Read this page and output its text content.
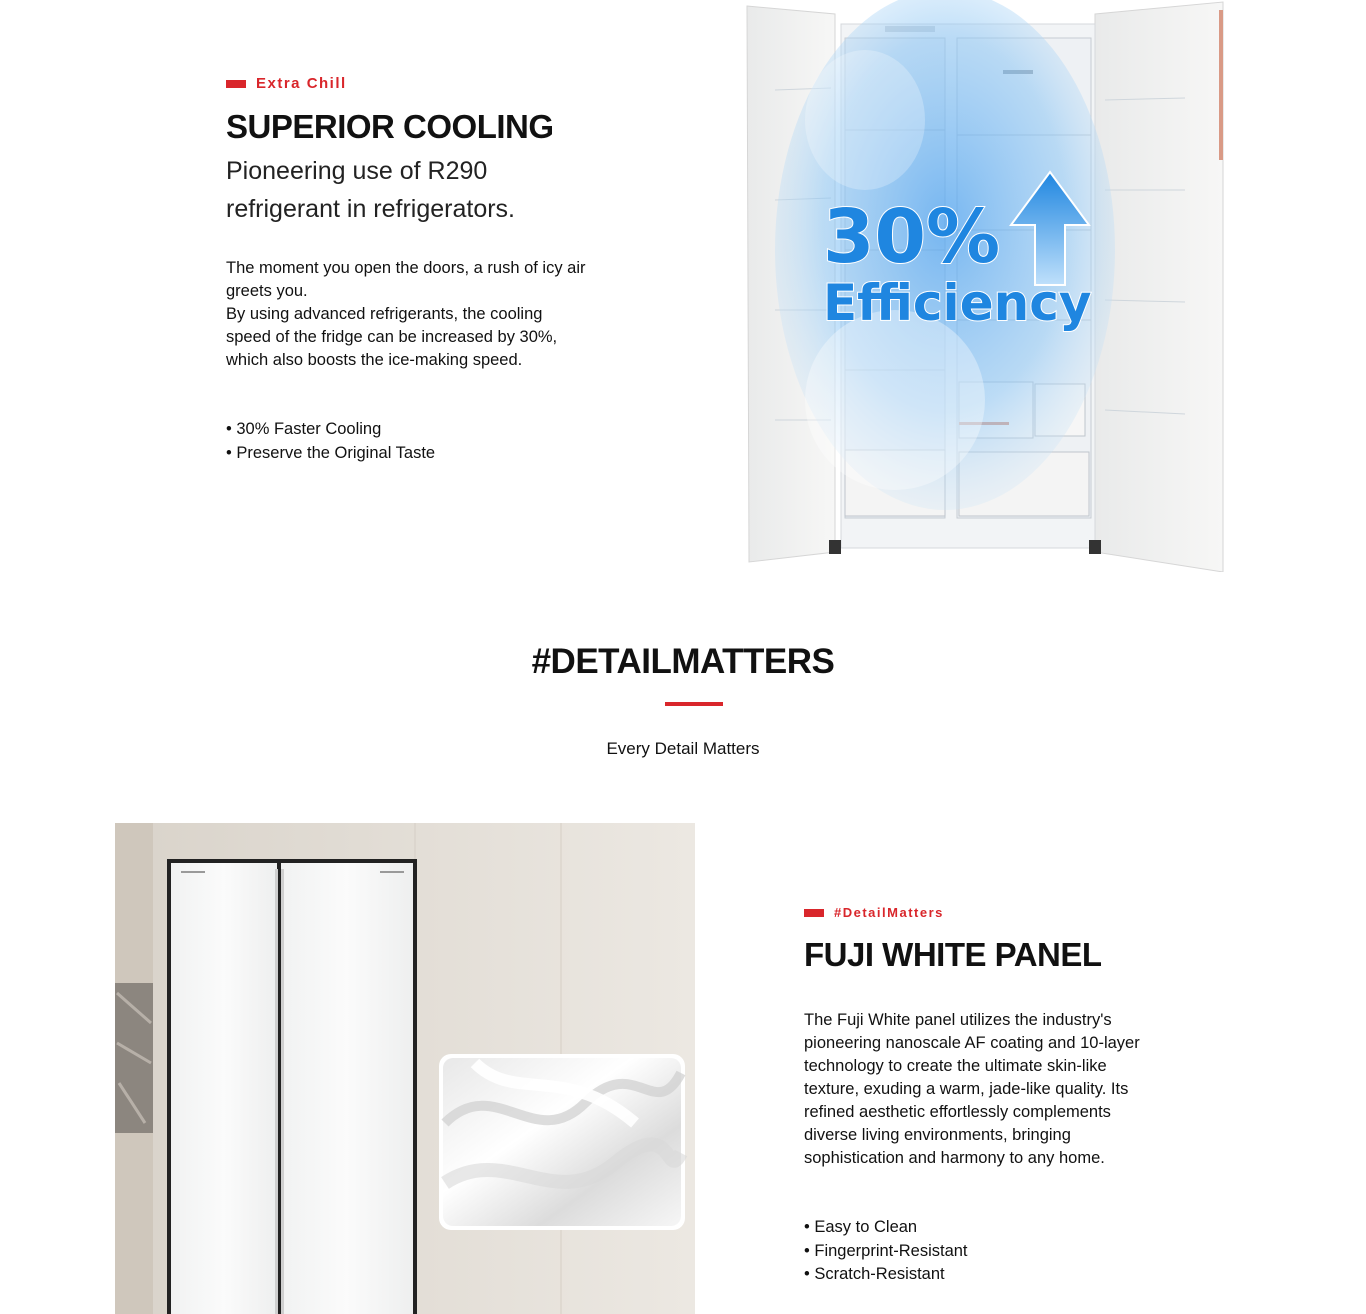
Extra Chill
SUPERIOR COOLING

Pioneering use of R290 refrigerant in refrigerators.

The moment you open the doors, a rush of icy air greets you.

By using advanced refrigerants, the cooling speed of the fridge can be increased by 30%, which also boosts the ice-making speed.

• 30% Faster Cooling
• Preserve the Original Taste
30%
Efficiency
#DETAILMATTERS

Every Detail Matters

#DetailMatters
FUJI WHITE PANEL

The Fuji White panel utilizes the industry's pioneering nanoscale AF coating and 10-layer technology to create the ultimate skin-like texture, exuding a warm, jade-like quality. Its refined aesthetic effortlessly complements diverse living environments, bringing sophistication and harmony to any home.

• Easy to Clean
• Fingerprint-Resistant
• Scratch-Resistant
